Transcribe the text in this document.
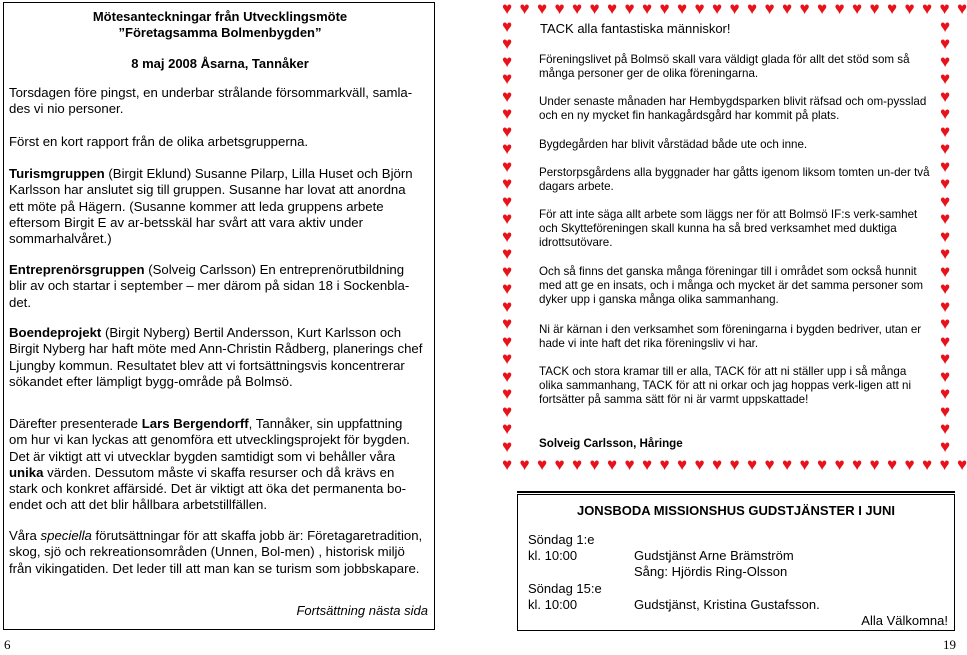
Mötesanteckningar från Utvecklingsmöte
”Företagsamma Bolmenbygden”
8 maj 2008 Åsarna, Tannåker

Torsdagen före pingst, en underbar strålande försommarkväll, samla-des vi nio personer.

Först en kort rapport från de olika arbetsgrupperna.

Turismgruppen (Birgit Eklund) Susanne Pilarp, Lilla Huset och Björn Karlsson har anslutet sig till gruppen. Susanne har lovat att anordna ett möte på Hägern. (Susanne kommer att leda gruppens arbete eftersom Birgit E av ar-betsskäl har svårt att vara aktiv under sommarhalvåret.)

Entreprenörsgruppen (Solveig Carlsson) En entreprenörutbildning blir av och startar i september – mer därom på sidan 18 i Sockenbla-det.

Boendeprojekt (Birgit Nyberg) Bertil Andersson, Kurt Karlsson och Birgit Nyberg har haft möte med Ann-Christin Rådberg, planerings chef Ljungby kommun. Resultatet blev att vi fortsättningsvis koncentrerar sökandet efter lämpligt bygg-område på Bolmsö.

Därefter presenterade Lars Bergendorff, Tannåker, sin uppfattning om hur vi kan lyckas att genomföra ett utvecklingsprojekt för bygden. Det är viktigt att vi utvecklar bygden samtidigt som vi behåller våra unika värden. Dessutom måste vi skaffa resurser och då krävs en stark och konkret affärsidé. Det är viktigt att öka det permanenta bo-endet och att det blir hållbara arbetstillfällen.

Våra speciella förutsättningar för att skaffa jobb är: Företagaretradition, skog, sjö och rekreationsområden (Unnen, Bol-men) , historisk miljö från vikingatiden. Det leder till att man kan se turism som jobbskapare.

Fortsättning nästa sida
6
♥
♥
♥
♥
♥
♥
♥
♥
♥
♥
♥
♥
♥
♥
♥
♥
♥
♥
♥
♥
♥
♥
♥
♥
♥
♥
♥
♥
♥
♥
♥
♥
♥
♥
♥
♥
♥
♥
♥
♥
♥
♥
♥
♥
♥
♥
♥
♥
♥
♥
♥
♥
♥
♥
♥	♥
♥	♥
♥	♥
♥	♥
♥	♥
♥	♥
♥	♥
♥	♥
♥	♥
♥	♥
♥	♥
♥	♥
♥	♥
♥	♥
♥	♥
♥	♥
♥	♥
♥	♥
♥	♥
♥	♥
♥	♥
♥	♥
♥	♥
♥	♥
♥	♥
TACK alla fantastiska människor!

Föreningslivet på Bolmsö skall vara väldigt glada för allt det stöd som så många personer ger de olika föreningarna.

Under senaste månaden har Hembygdsparken blivit räfsad och om-pysslad och en ny mycket fin hankagårdsgård har kommit på plats.

Bygdegården har blivit vårstädad både ute och inne.

Perstorpsgårdens alla byggnader har gåtts igenom liksom tomten un-der två dagars arbete.

För att inte säga allt arbete som läggs ner för att Bolmsö IF:s verk-samhet och Skytteföreningen skall kunna ha så bred verksamhet med duktiga idrottsutövare.

Och så finns det ganska många föreningar till i området som också hunnit med att ge en insats, och i många och mycket är det samma personer som dyker upp i ganska många olika sammanhang.

Ni är kärnan i den verksamhet som föreningarna i bygden bedriver, utan er hade vi inte haft det rika föreningsliv vi har.

TACK och stora kramar till er alla, TACK för att ni ställer upp i så många olika sammanhang, TACK för att ni orkar och jag hoppas verk-ligen att ni fortsätter på samma sätt för ni är varmt uppskattade!

Solveig Carlsson, Håringe

JONSBODA MISSIONSHUS GUDSTJÄNSTER I JUNI
Söndag 1:e
kl. 10:00	Gudstjänst Arne Brämström
Sång: Hjördis Ring-Olsson
Söndag 15:e
kl. 10:00	Gudstjänst, Kristina Gustafsson.
Alla Välkomna!
19
